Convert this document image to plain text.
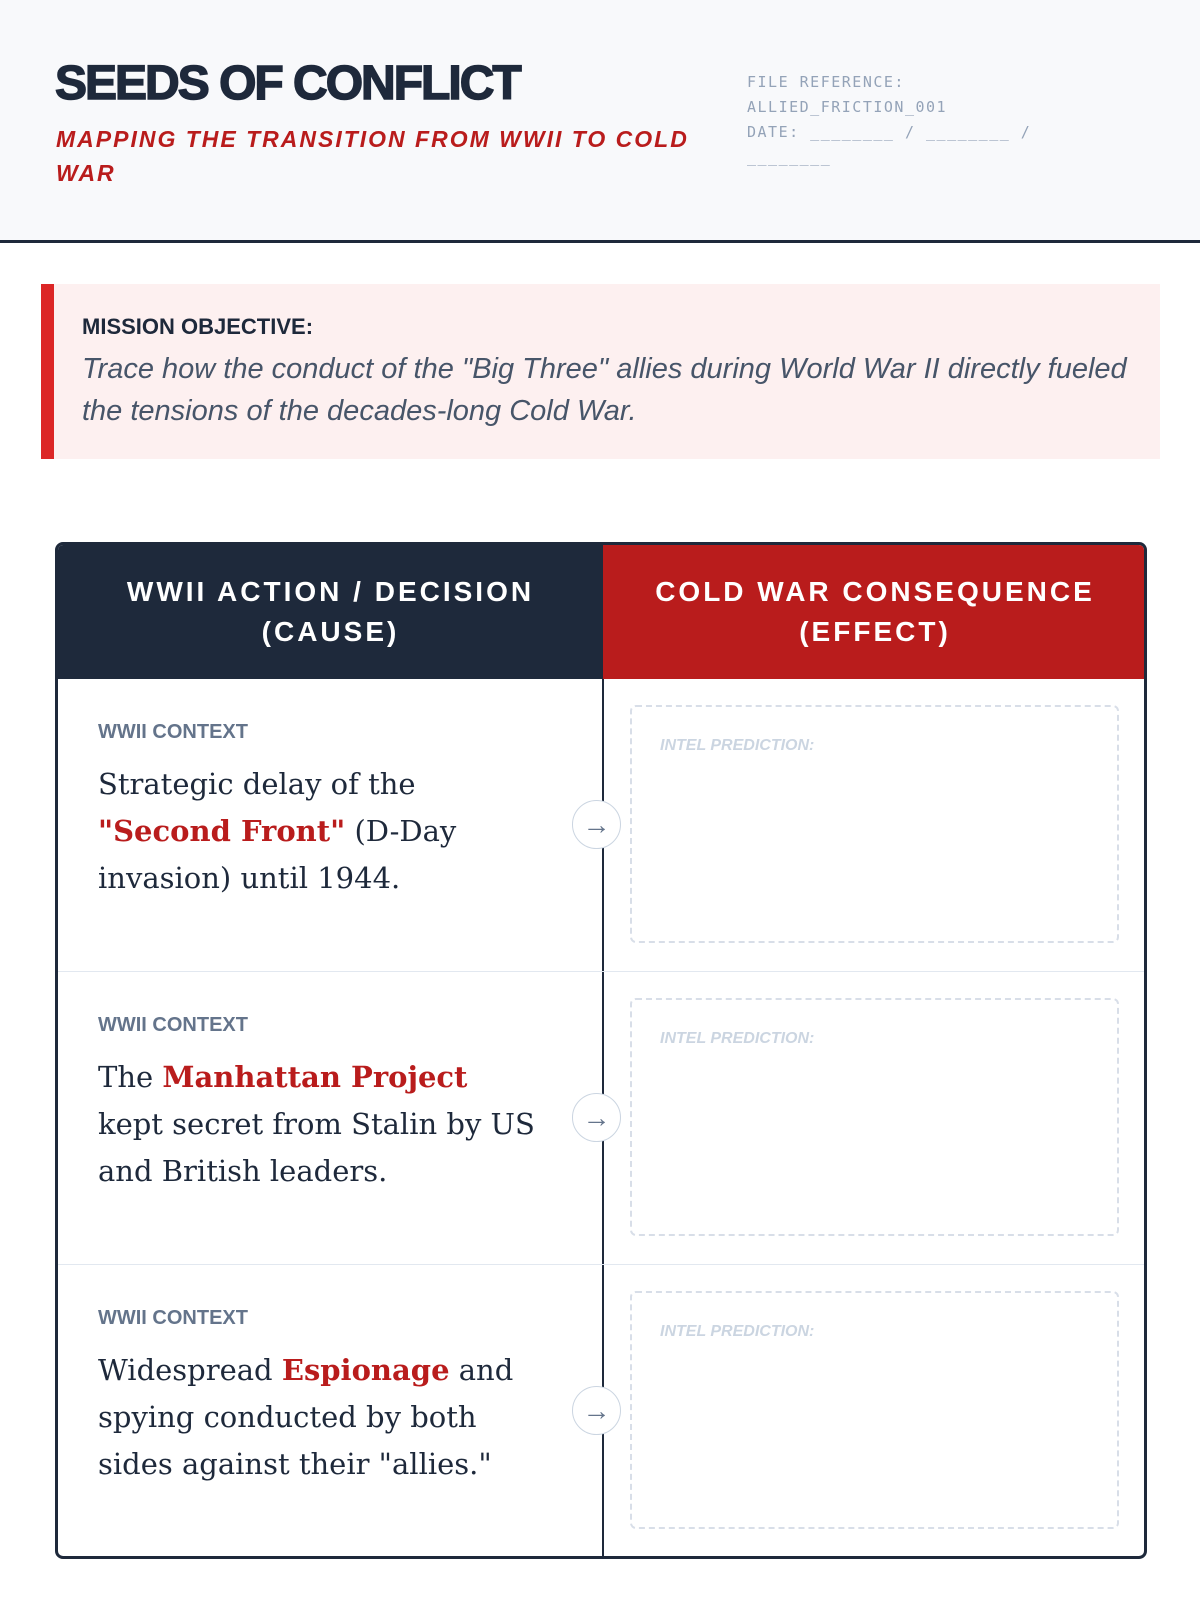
SEEDS OF CONFLICT
MAPPING THE TRANSITION FROM WWII TO COLD WAR
FILE REFERENCE:
ALLIED_FRICTION_001
DATE: ________ / ________ / ________
MISSION OBJECTIVE:
Trace how the conduct of the "Big Three" allies during World War II directly fueled the tensions of the decades-long Cold War.
WWII ACTION / DECISION (CAUSE)
COLD WAR CONSEQUENCE (EFFECT)
WWII CONTEXT
Strategic delay of the "Second Front" (D-Day invasion) until 1944.
→
INTEL PREDICTION:
WWII CONTEXT
The Manhattan Project kept secret from Stalin by US and British leaders.
→
INTEL PREDICTION:
WWII CONTEXT
Widespread Espionage and spying conducted by both sides against their "allies."
→
INTEL PREDICTION:
